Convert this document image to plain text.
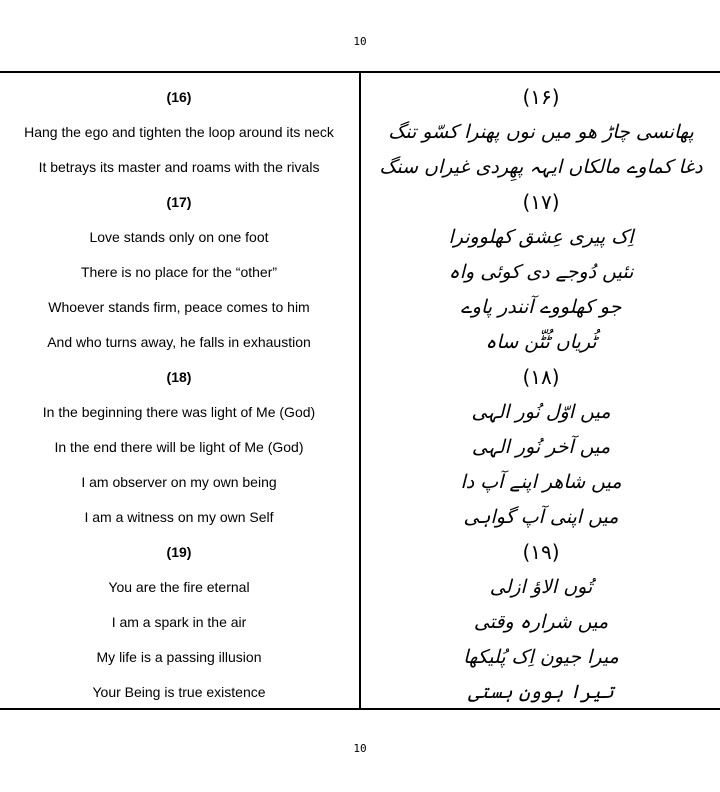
10
(16)	(۱۶)
Hang the ego and tighten the loop around its neck	پھانسی چاڑ ھو میں نوں پھنرا کسّو تنگ
It betrays its master and roams with the rivals	دغا کماوے مالکاں ایہہ پھِردی غیراں سنگ
(17)	(۱۷)
Love stands only on one foot	اِک پیری عِشق کھلوونرا
There is no place for the “other”	نئیں دُوجے دی کوئی واہ
Whoever stands firm, peace comes to him	جو کھلووے آنندر پاوے
And who turns away, he falls in exhaustion	ٹُریاں ٹُٹّن ساہ
(18)	(۱۸)
In the beginning there was light of Me (God)	میں اوّل نُور الہی
In the end there will be light of Me (God)	میں آخر نُور الہی
I am observer on my own being	میں شاھر اپنے آپ دا
I am a witness on my own Self	میں اپنی آپ گواہی
(19)	(۱۹)
You are the fire eternal	تُوں الاؤ ازلی
I am a spark in the air	میں شرارہ وقتی
My life is a passing illusion	میرا جیون اِک پُلیکھا
Your Being is true existence	تیرا ہوون ہستی
10
